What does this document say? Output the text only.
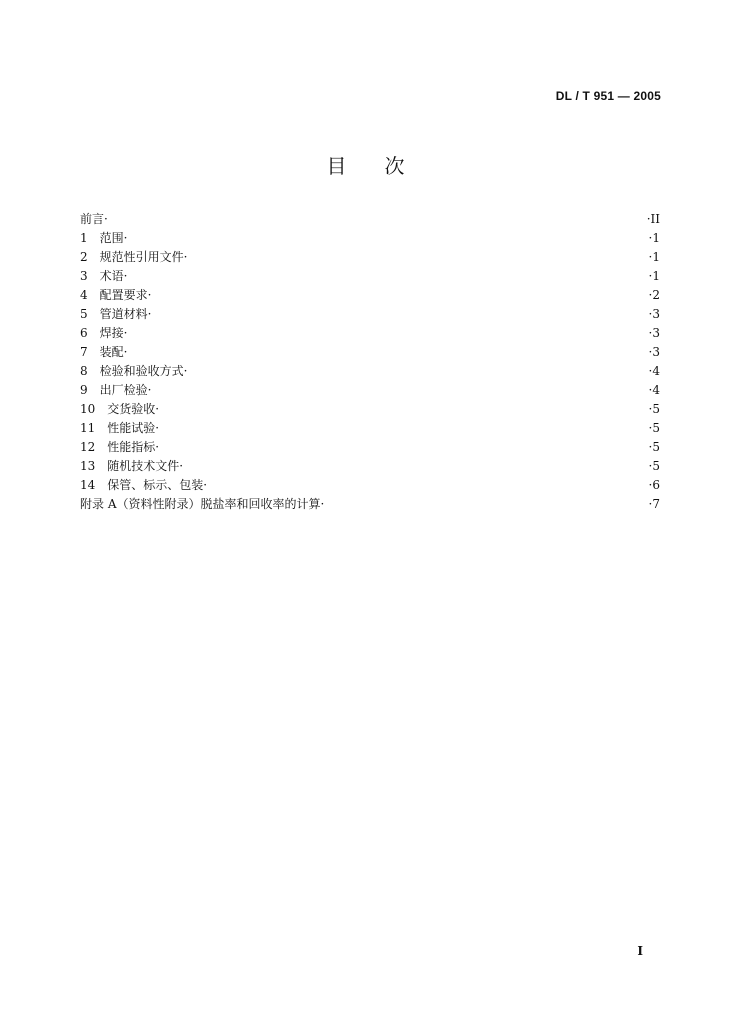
DL / T 951 — 2005
目次
前言·	·II
1　范围·	·1
2　规范性引用文件·	·1
3　术语·	·1
4　配置要求·	·2
5　管道材料·	·3
6　焊接·	·3
7　装配·	·3
8　检验和验收方式·	·4
9　出厂检验·	·4
10　交货验收·	·5
11　性能试验·	·5
12　性能指标·	·5
13　随机技术文件·	·5
14　保管、标示、包装·	·6
附录 A（资料性附录）脱盐率和回收率的计算·	·7
I
